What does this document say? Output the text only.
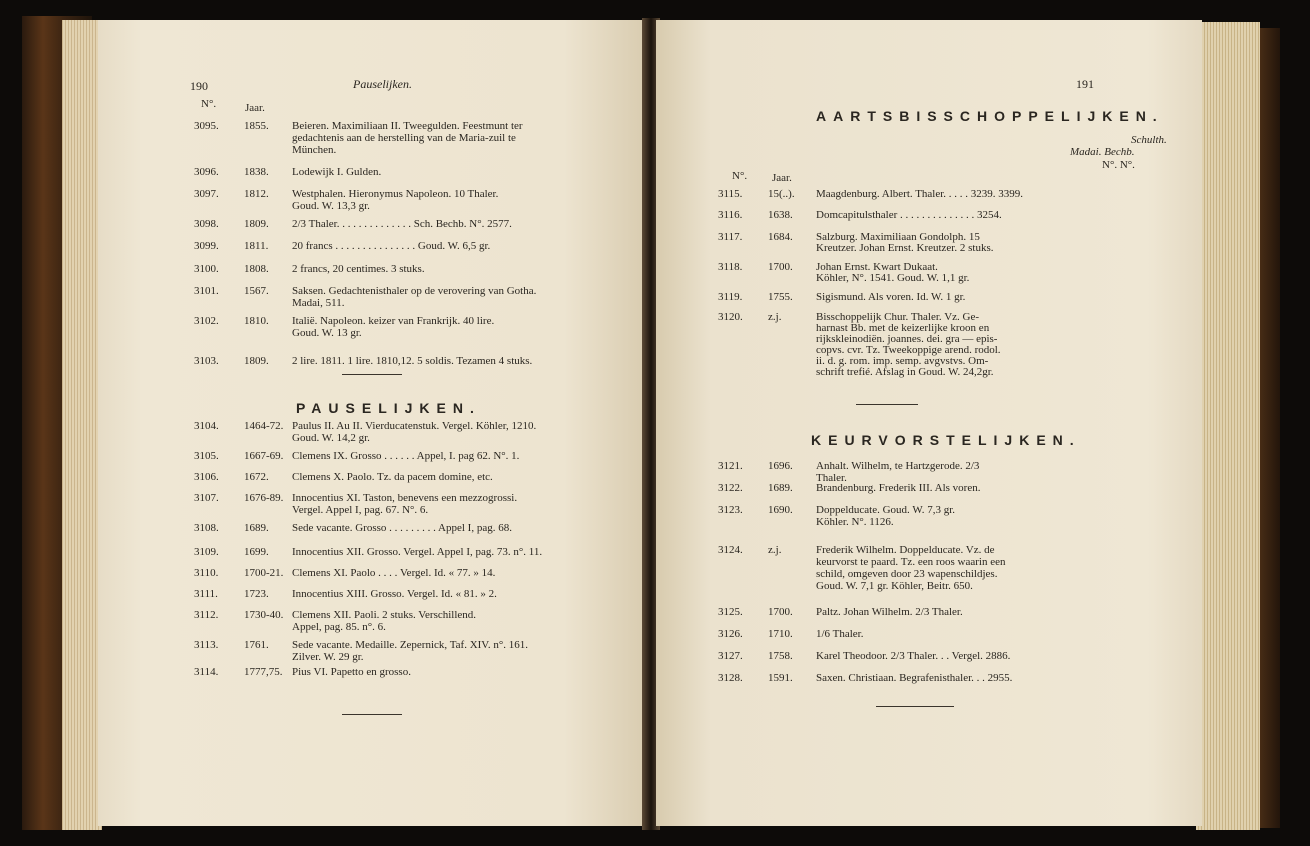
190	Pauselijken.
N°.	Jaar.
3095. 1855. Beieren. Maximiliaan II. Tweegulden. Feestmunt ter
gedachtenis aan de herstelling van de Maria-zuil te
München.
3096. 1838. Lodewijk I. Gulden.
3097. 1812. Westphalen. Hieronymus Napoleon. 10 Thaler.
Goud. W. 13,3 gr.
3098. 1809. 2/3 Thaler. . . . . . . . . . . . . . Sch. Bechb. N°. 2577.
3099. 1811. 20 francs . . . . . . . . . . . . . . . Goud. W. 6,5 gr.
3100. 1808. 2 francs, 20 centimes. 3 stuks.
3101. 1567. Saksen. Gedachtenisthaler op de verovering van Gotha.
Madai, 511.
3102. 1810. Italië. Napoleon. keizer van Frankrijk. 40 lire.
Goud. W. 13 gr.
3103. 1809. 2 lire. 1811. 1 lire. 1810,12. 5 soldis. Tezamen 4 stuks.
PAUSELIJKEN.
3104. 1464-72. Paulus II. Au II. Vierducatenstuk. Vergel. Köhler, 1210.
Goud. W. 14,2 gr.
3105. 1667-69. Clemens IX. Grosso . . . . . . Appel, I. pag 62. N°. 1.
3106. 1672. Clemens X. Paolo. Tz. da pacem domine, etc.
3107. 1676-89. Innocentius XI. Taston, benevens een mezzogrossi.
Vergel. Appel I, pag. 67. N°. 6.
3108. 1689. Sede vacante. Grosso . . . . . . . . . Appel I, pag. 68.
3109. 1699. Innocentius XII. Grosso. Vergel. Appel I, pag. 73. n°. 11.
3110. 1700-21. Clemens XI. Paolo . . . . Vergel. Id. « 77. » 14.
3111. 1723. Innocentius XIII. Grosso. Vergel. Id. « 81. » 2.
3112. 1730-40. Clemens XII. Paoli. 2 stuks. Verschillend.
Appel, pag. 85. n°. 6.
3113. 1761. Sede vacante. Medaille. Zepernick, Taf. XIV. n°. 161.
Zilver. W. 29 gr.
3114. 1777,75. Pius VI. Papetto en grosso.
191
AARTSBISSCHOPPELIJKEN.
Schulth.
Madai. Bechb.
N°. N°.
N°. Jaar.
3115. 15(..). Maagdenburg. Albert. Thaler. . . . . 3239. 3399.
3116. 1638. Domcapitulsthaler . . . . . . . . . . . . . . 3254.
3117. 1684. Salzburg. Maximiliaan Gondolph. 15
Kreutzer. Johan Ernst. Kreutzer. 2 stuks.
3118. 1700. Johan Ernst. Kwart Dukaat.
Köhler, N°. 1541. Goud. W. 1,1 gr.
3119. 1755. Sigismund. Als voren. Id. W. 1 gr.
3120. z.j.	Bisschoppelijk Chur. Thaler. Vz. Ge-
harnast Bb. met de keizerlijke kroon en
rijkskleinodiën. joannes. dei. gra — epis-
copvs. cvr. Tz. Tweekoppige arend. rodol.
ii. d. g. rom. imp. semp. avgvstvs. Om-
schrift trefié. Afslag in Goud. W. 24,2gr.
KEURVORSTELIJKEN.
3121. 1696. Anhalt. Wilhelm, te Hartzgerode. 2/3
Thaler.
3122. 1689. Brandenburg. Frederik III. Als voren.
3123. 1690. Doppelducate. Goud. W. 7,3 gr.
Köhler. N°. 1126.
3124. z.j.	Frederik Wilhelm. Doppelducate. Vz. de
keurvorst te paard. Tz. een roos waarin een
schild, omgeven door 23 wapenschildjes.
Goud. W. 7,1 gr. Köhler, Beitr. 650.
3125. 1700. Paltz. Johan Wilhelm. 2/3 Thaler.
3126. 1710. 1/6 Thaler.
3127. 1758. Karel Theodoor. 2/3 Thaler. . . Vergel. 2886.
3128. 1591. Saxen. Christiaan. Begrafenisthaler. . . 2955.
